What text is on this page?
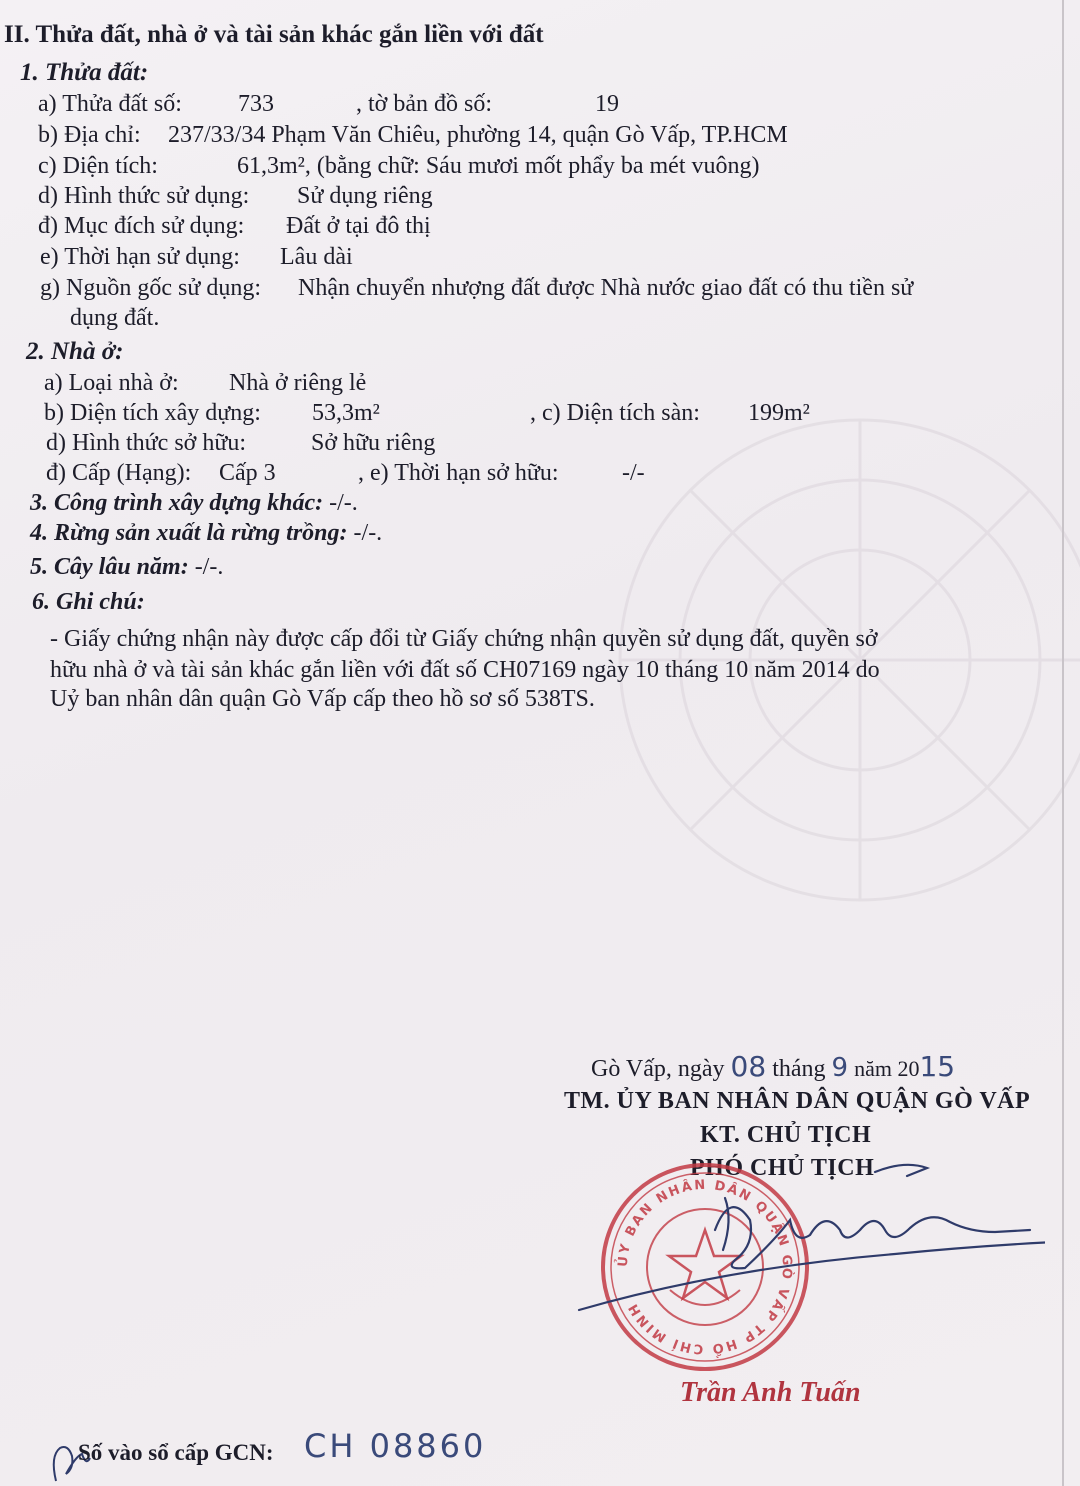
II. Thửa đất, nhà ở và tài sản khác gắn liền với đất
1. Thửa đất:
a) Thửa đất số: 733	, tờ bản đồ số:	19
b) Địa chỉ: 237/33/34 Phạm Văn Chiêu, phường 14, quận Gò Vấp, TP.HCM
c) Diện tích:	61,3m², (bằng chữ: Sáu mươi mốt phẩy ba mét vuông)
d) Hình thức sử dụng: Sử dụng riêng
đ) Mục đích sử dụng: Đất ở tại đô thị
e) Thời hạn sử dụng: Lâu dài
g) Nguồn gốc sử dụng: Nhận chuyển nhượng đất được Nhà nước giao đất có thu tiền sử
dụng đất.
2. Nhà ở:
a) Loại nhà ở: Nhà ở riêng lẻ
b) Diện tích xây dựng: 53,3m²	, c) Diện tích sàn: 199m²
d) Hình thức sở hữu:	Sở hữu riêng
đ) Cấp (Hạng): Cấp 3	, e) Thời hạn sở hữu:	-/-
3. Công trình xây dựng khác: -/-.
4. Rừng sản xuất là rừng trồng: -/-.
5. Cây lâu năm: -/-.
6. Ghi chú:
- Giấy chứng nhận này được cấp đổi từ Giấy chứng nhận quyền sử dụng đất, quyền sở
hữu nhà ở và tài sản khác gắn liền với đất số CH07169 ngày 10 tháng 10 năm 2014 do
Uỷ ban nhân dân quận Gò Vấp cấp theo hồ sơ số 538TS.
Gò Vấp, ngày 08 tháng 9 năm 2015
TM. ỦY BAN NHÂN DÂN QUẬN GÒ VẤP
KT. CHỦ TỊCH
PHÓ CHỦ TỊCH
ỦY BAN NHÂN DÂN QUẬN GÒ VẤP TP HỒ CHÍ MINH
Trần Anh Tuấn
Số vào sổ cấp GCN: CH 08860
